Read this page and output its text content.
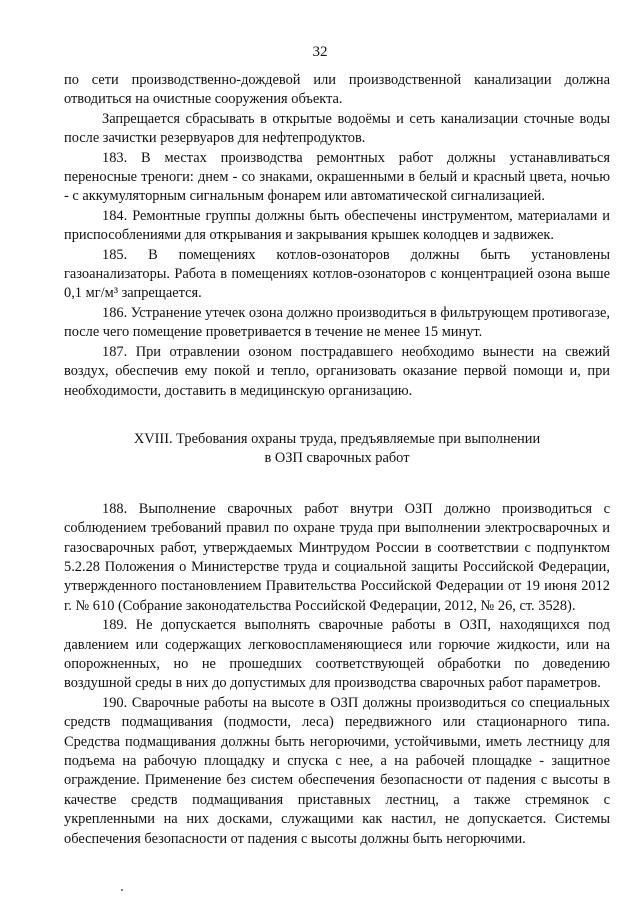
32

по сети производственно-дождевой или производственной канализации должна отводиться на очистные сооружения объекта.

Запрещается сбрасывать в открытые водоёмы и сеть канализации сточные воды после зачистки резервуаров для нефтепродуктов.

183. В местах производства ремонтных работ должны устанавливаться переносные треноги: днем - со знаками, окрашенными в белый и красный цвета, ночью - с аккумуляторным сигнальным фонарем или автоматической сигнализацией.

184. Ремонтные группы должны быть обеспечены инструментом, материалами и приспособлениями для открывания и закрывания крышек колодцев и задвижек.

185. В помещениях котлов-озонаторов должны быть установлены газоанализаторы. Работа в помещениях котлов-озонаторов с концентрацией озона выше 0,1 мг/м³ запрещается.

186. Устранение утечек озона должно производиться в фильтрующем противогазе, после чего помещение проветривается в течение не менее 15 минут.

187. При отравлении озоном пострадавшего необходимо вынести на свежий воздух, обеспечив ему покой и тепло, организовать оказание первой помощи и, при необходимости, доставить в медицинскую организацию.

XVIII. Требования охраны труда, предъявляемые при выполнении
в ОЗП сварочных работ

188. Выполнение сварочных работ внутри ОЗП должно производиться с соблюдением требований правил по охране труда при выполнении электросварочных и газосварочных работ, утверждаемых Минтрудом России в соответствии с подпунктом 5.2.28 Положения о Министерстве труда и социальной защиты Российской Федерации, утвержденного постановлением Правительства Российской Федерации от 19 июня 2012 г. № 610 (Собрание законодательства Российской Федерации, 2012, № 26, ст. 3528).

189. Не допускается выполнять сварочные работы в ОЗП, находящихся под давлением или содержащих легковоспламеняющиеся или горючие жидкости, или на опорожненных, но не прошедших соответствующей обработки по доведению воздушной среды в них до допустимых для производства сварочных работ параметров.

190. Сварочные работы на высоте в ОЗП должны производиться со специальных средств подмащивания (подмости, леса) передвижного или стационарного типа. Средства подмащивания должны быть негорючими, устойчивыми, иметь лестницу для подъема на рабочую площадку и спуска с нее, а на рабочей площадке - защитное ограждение. Применение без систем обеспечения безопасности от падения с высоты в качестве средств подмащивания приставных лестниц, а также стремянок с укрепленными на них досками, служащими как настил, не допускается. Системы обеспечения безопасности от падения с высоты должны быть негорючими.
